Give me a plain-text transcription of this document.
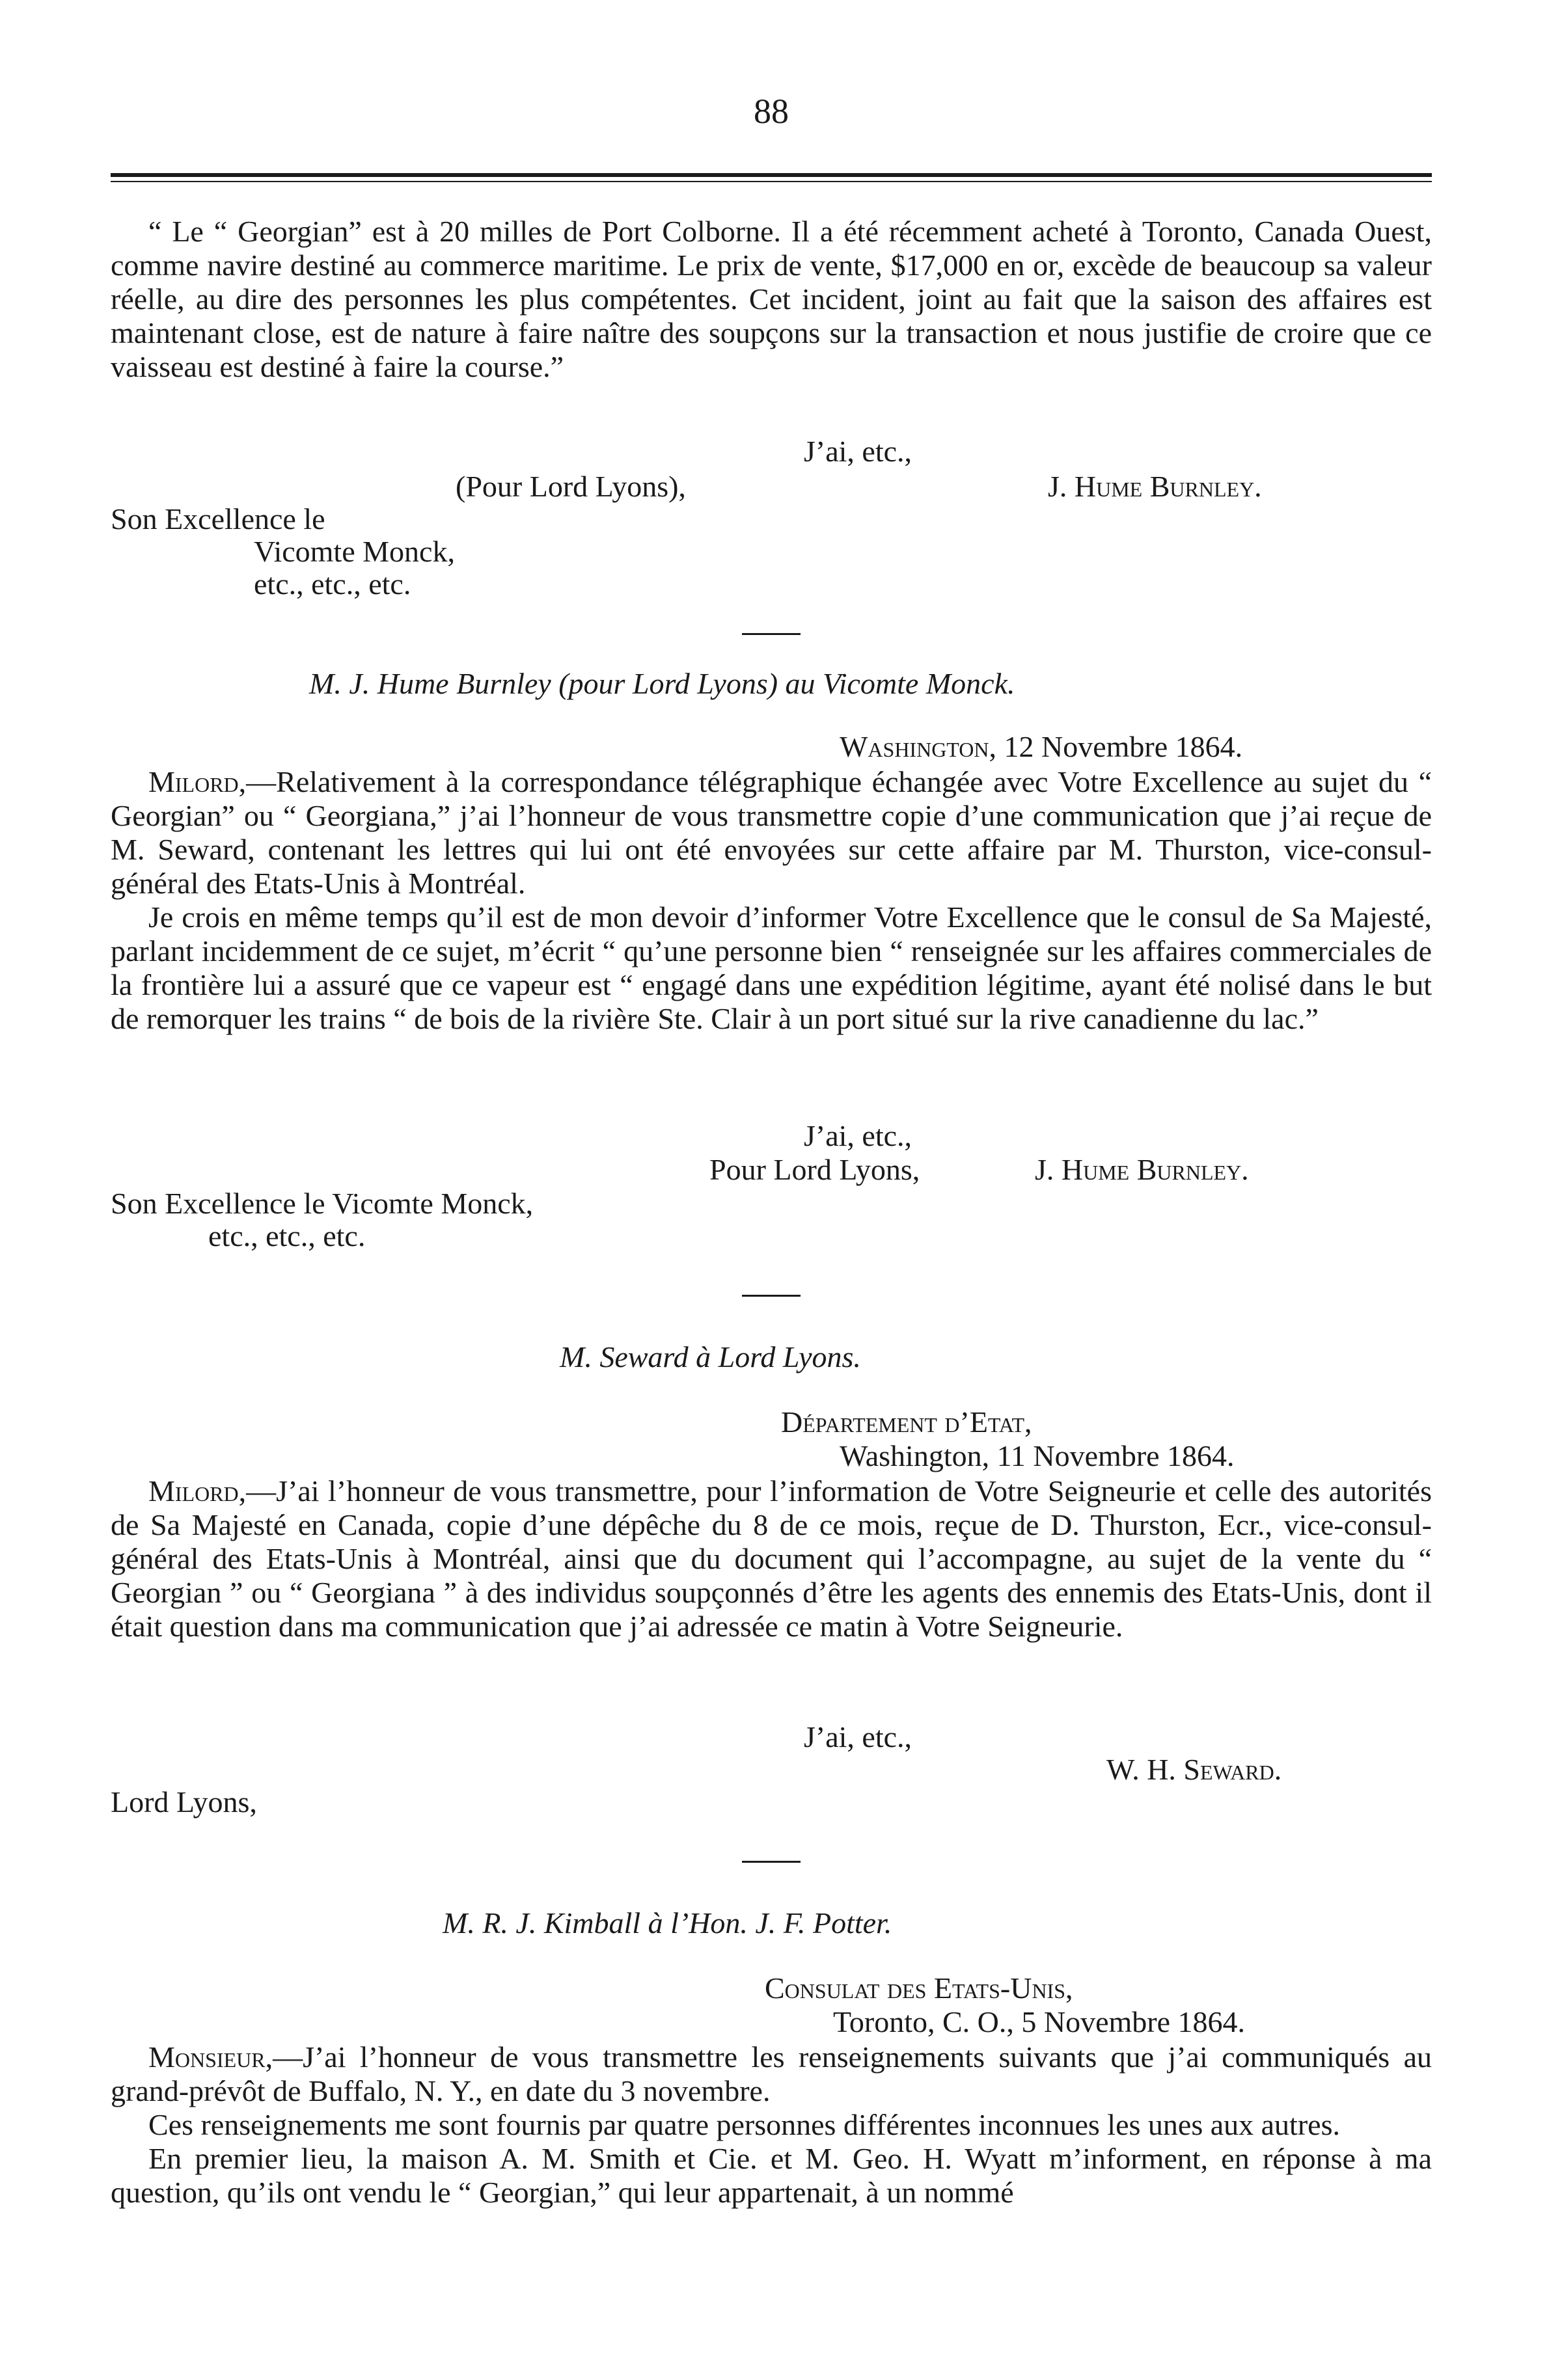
88

“ Le “ Georgian” est à 20 milles de Port Colborne. Il a été récemment acheté à Toronto, Canada Ouest, comme navire destiné au commerce maritime. Le prix de vente, $17,000 en or, excède de beaucoup sa valeur réelle, au dire des personnes les plus compétentes. Cet incident, joint au fait que la saison des affaires est maintenant close, est de nature à faire naître des soupçons sur la transaction et nous justifie de croire que ce vaisseau est destiné à faire la course.”

J’ai, etc.,
(Pour Lord Lyons),	J. Hume Burnley.
Son Excellence le
Vicomte Monck,
etc., etc., etc.
M. J. Hume Burnley (pour Lord Lyons) au Vicomte Monck.
Washington, 12 Novembre 1864.

Milord,—Relativement à la correspondance télégraphique échangée avec Votre Excellence au sujet du “ Georgian” ou “ Georgiana,” j’ai l’honneur de vous transmettre copie d’une communication que j’ai reçue de M. Seward, contenant les lettres qui lui ont été envoyées sur cette affaire par M. Thurston, vice-consul-général des Etats-Unis à Montréal.

Je crois en même temps qu’il est de mon devoir d’informer Votre Excellence que le consul de Sa Majesté, parlant incidemment de ce sujet, m’écrit “ qu’une personne bien “ renseignée sur les affaires commerciales de la frontière lui a assuré que ce vapeur est “ engagé dans une expédition légitime, ayant été nolisé dans le but de remorquer les trains “ de bois de la rivière Ste. Clair à un port situé sur la rive canadienne du lac.”

J’ai, etc.,
Pour Lord Lyons,	J. Hume Burnley.
Son Excellence le Vicomte Monck,
etc., etc., etc.
M. Seward à Lord Lyons.
Département d’Etat,
Washington, 11 Novembre 1864.

Milord,—J’ai l’honneur de vous transmettre, pour l’information de Votre Seigneurie et celle des autorités de Sa Majesté en Canada, copie d’une dépêche du 8 de ce mois, reçue de D. Thurston, Ecr., vice-consul-général des Etats-Unis à Montréal, ainsi que du document qui l’accompagne, au sujet de la vente du “ Georgian ” ou “ Georgiana ” à des individus soupçonnés d’être les agents des ennemis des Etats-Unis, dont il était question dans ma communication que j’ai adressée ce matin à Votre Seigneurie.

J’ai, etc.,
W. H. Seward.
Lord Lyons,
M. R. J. Kimball à l’Hon. J. F. Potter.
Consulat des Etats-Unis,
Toronto, C. O., 5 Novembre 1864.

Monsieur,—J’ai l’honneur de vous transmettre les renseignements suivants que j’ai communiqués au grand-prévôt de Buffalo, N. Y., en date du 3 novembre.

Ces renseignements me sont fournis par quatre personnes différentes inconnues les unes aux autres.

En premier lieu, la maison A. M. Smith et Cie. et M. Geo. H. Wyatt m’informent, en réponse à ma question, qu’ils ont vendu le “ Georgian,” qui leur appartenait, à un nommé
